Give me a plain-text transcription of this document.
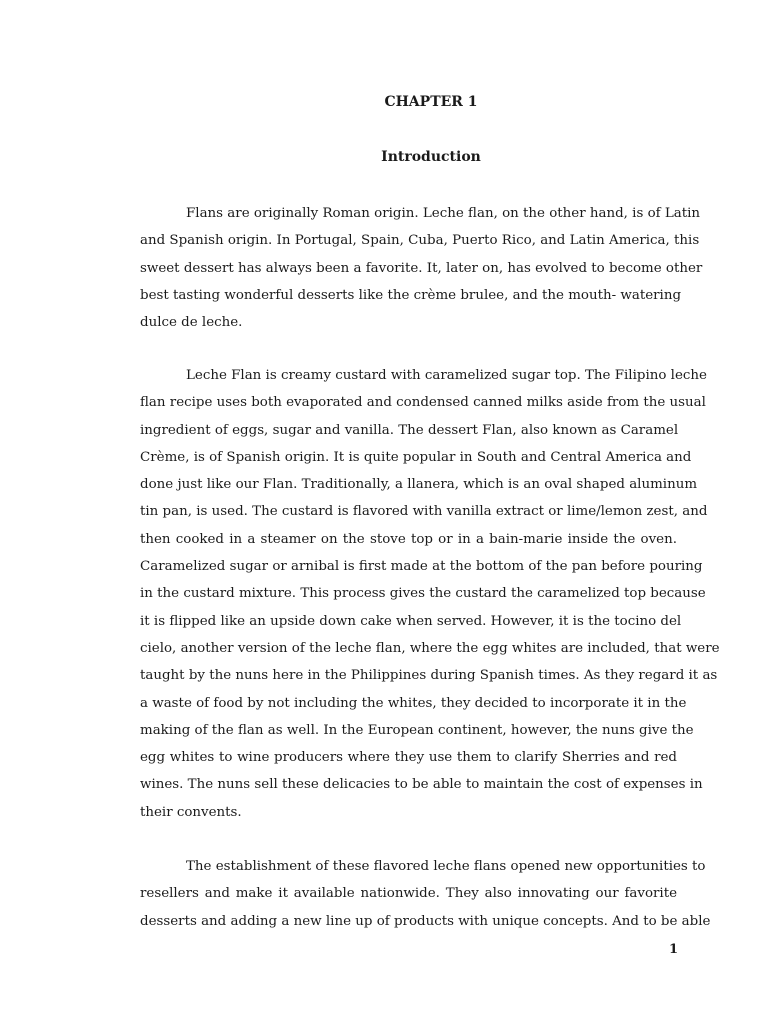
CHAPTER 1
Introduction
Flans are originally Roman origin. Leche flan, on the other hand, is of Latin
and Spanish origin. In Portugal, Spain, Cuba, Puerto Rico, and Latin America, this
sweet dessert has always been a favorite. It, later on, has evolved to become other
best tasting wonderful desserts like the crème brulee, and the mouth- watering
dulce de leche.
Leche Flan is creamy custard with caramelized sugar top. The Filipino leche
flan recipe uses both evaporated and condensed canned milks aside from the usual
ingredient of eggs, sugar and vanilla. The dessert Flan, also known as Caramel
Crème, is of Spanish origin. It is quite popular in South and Central America and
done just like our Flan. Traditionally, a llanera, which is an oval shaped aluminum
tin pan, is used. The custard is flavored with vanilla extract or lime/lemon zest, and
then cooked in a steamer on the stove top or in a bain-marie inside the oven.
Caramelized sugar or arnibal is first made at the bottom of the pan before pouring
in the custard mixture. This process gives the custard the caramelized top because
it is flipped like an upside down cake when served. However, it is the tocino del
cielo, another version of the leche flan, where the egg whites are included, that were
taught by the nuns here in the Philippines during Spanish times. As they regard it as
a waste of food by not including the whites, they decided to incorporate it in the
making of the flan as well. In the European continent, however, the nuns give the
egg whites to wine producers where they use them to clarify Sherries and red
wines. The nuns sell these delicacies to be able to maintain the cost of expenses in
their convents.
The establishment of these flavored leche flans opened new opportunities to
resellers and make it available nationwide. They also innovating our favorite
desserts and adding a new line up of products with unique concepts. And to be able
1
